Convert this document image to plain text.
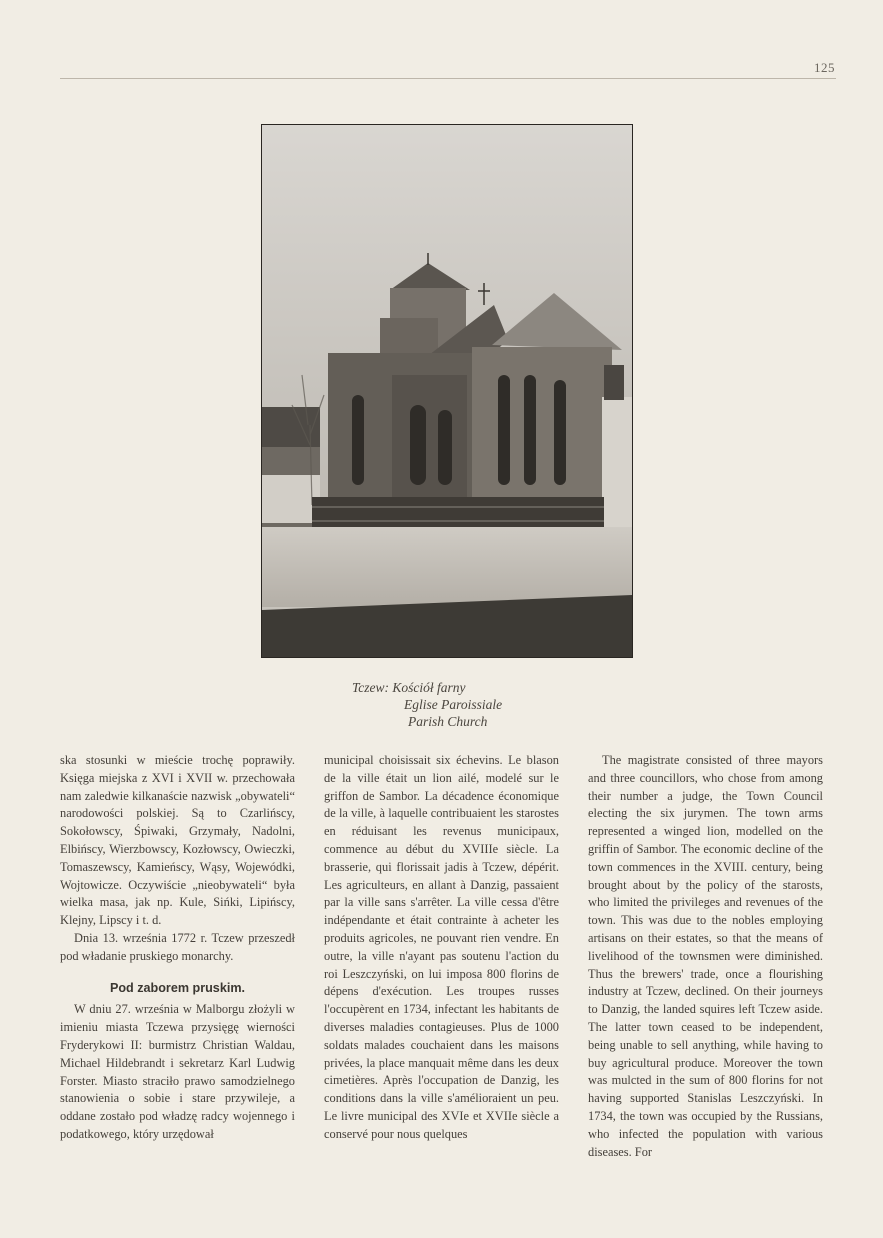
125
Tczew: Kościół farny
Eglise Paroissiale
Parish Church

ska stosunki w mieście trochę poprawiły. Księga miejska z XVI i XVII w. przechowała nam zaledwie kilkanaście nazwisk „obywateli“ narodowości polskiej. Są to Czarlińscy, Sokołowscy, Śpiwaki, Grzymały, Nadolni, Elbińscy, Wierzbowscy, Kozłowscy, Owieczki, Tomaszewscy, Kamieńscy, Wąsy, Wojewódki, Wojtowicze. Oczywiście „nieobywateli“ była wielka masa, jak np. Kule, Sińki, Lipińscy, Klejny, Lipscy i t. d.

Dnia 13. września 1772 r. Tczew przeszedł pod władanie pruskiego monarchy.

Pod zaborem pruskim.

W dniu 27. września w Malborgu złożyli w imieniu miasta Tczewa przysięgę wierności Fryderykowi II: burmistrz Christian Waldau, Michael Hildebrandt i sekretarz Karl Ludwig Forster. Miasto straciło prawo samodzielnego stanowienia o sobie i stare przywileje, a oddane zostało pod władzę radcy wojennego i podatkowego, który urzędował

municipal choisissait six échevins. Le blason de la ville était un lion ailé, modelé sur le griffon de Sambor. La décadence économique de la ville, à laquelle contribuaient les starostes en réduisant les revenus municipaux, commence au début du XVIIIe siècle. La brasserie, qui florissait jadis à Tczew, dépérit. Les agriculteurs, en allant à Danzig, passaient par la ville sans s'arrêter. La ville cessa d'être indépendante et était contrainte à acheter les produits agricoles, ne pouvant rien vendre. En outre, la ville n'ayant pas soutenu l'action du roi Leszczyński, on lui imposa 800 florins de dépens d'exécution. Les troupes russes l'occupèrent en 1734, infectant les habitants de diverses maladies contagieuses. Plus de 1000 soldats malades couchaient dans les maisons privées, la place manquait même dans les deux cimetières. Après l'occupation de Danzig, les conditions dans la ville s'amélioraient un peu. Le livre municipal des XVIe et XVIIe siècle a conservé pour nous quelques

The magistrate consisted of three mayors and three councillors, who chose from among their number a judge, the Town Council electing the six jurymen. The town arms represented a winged lion, modelled on the griffin of Sambor. The economic decline of the town commences in the XVIII. century, being brought about by the policy of the starosts, who limited the privileges and revenues of the town. This was due to the nobles employing artisans on their estates, so that the means of livelihood of the townsmen were diminished. Thus the brewers' trade, once a flourishing industry at Tczew, declined. On their journeys to Danzig, the landed squires left Tczew aside. The latter town ceased to be independent, being unable to sell anything, while having to buy agricultural produce. Moreover the town was mulcted in the sum of 800 florins for not having supported Stanislas Leszczyński. In 1734, the town was occupied by the Russians, who infected the population with various diseases. For
